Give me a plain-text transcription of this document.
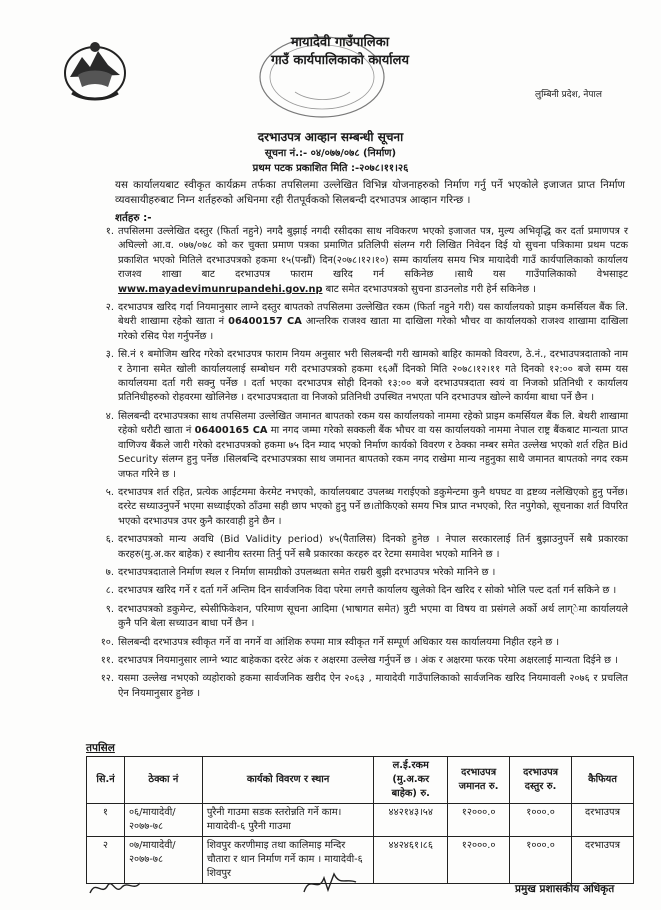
मायादेवी गाउँपालिका
गाउँ कार्यपालिकाको कार्यालय
लुम्बिनी प्रदेश, नेपाल
दरभाउपत्र आव्हान सम्बन्धी सूचना
सूचना नं.:- ०४/०७७/०७८ (निर्माण)
प्रथम पटक प्रकाशित मिति :-२०७८।११।२६
यस कार्यालयबाट स्वीकृत कार्यक्रम तर्फका तपसिलमा उल्लेखित विभिन्न योजनाहरुको निर्माण गर्नु पर्ने भएकोले इजाजत प्राप्त निर्माण व्यवसायीहरुबाट निम्न शर्तहरुको अधिनमा रही रीतपूर्वकको सिलबन्दी दरभाउपत्र आव्हान गरिन्छ ।
शर्तहरु :-
१. तपसिलमा उल्लेखित दस्तुर (फिर्ता नहुने) नगदै बुझाई नगदी रसीदका साथ नविकरण भएको इजाजत पत्र, मुल्य अभिवृद्धि कर दर्ता प्रमाणपत्र र अघिल्लो आ.व. ०७७/०७८ को कर चुक्ता प्रमाण पत्रका प्रमाणित प्रतिलिपी संलग्न गरी लिखित निवेदन दिई यो सुचना पत्रिकामा प्रथम पटक प्रकाशित भएको मितिले दरभाउपत्रको हकमा १५(पन्ध्रौं) दिन(२०७८।१२।१०) सम्म कार्यालय समय भित्र मायादेवी गाउँ कार्यपालिकाको कार्यालय राजश्व शाखा बाट दरभाउपत्र फाराम खरिद गर्न सकिनेछ ।साथै यस गाउँपालिकाको वेभसाइट www.mayadevimunrupandehi.gov.np बाट समेत दरभाउपत्रको सुचना डाउनलोड गरी हेर्न सकिनेछ ।
२. दरभाउपत्र खरिद गर्दा नियमानुसार लाग्ने दस्तुर बापतको तपसिलमा उल्लेखित रकम (फिर्ता नहुने गरी) यस कार्यालयको प्राइम कमर्सियल बैंक लि. बेथरी शाखामा रहेको खाता नं 06400157 CA आन्तरिक राजश्व खाता मा दाखिला गरेको भौचर वा कार्यालयको राजश्व शाखामा दाखिला गरेको रसिद पेश गर्नुपर्नेछ ।
३. सि.नं १ बमोजिम खरिद गरेको दरभाउपत्र फाराम नियम अनुसार भरी सिलबन्दी गरी खामको बाहिर कामको विवरण, ठे.नं., दरभाउपत्रदाताको नाम र ठेगाना समेत खोली कार्यालयलाई सम्बोधन गरी दरभाउपत्रको हकमा १६औं दिनको मिति २०७८।१२।११ गते दिनको १२:०० बजे सम्म यस कार्यालयमा दर्ता गरी सक्नु पर्नेछ । दर्ता भएका दरभाउपत्र सोही दिनको १३:०० बजे दरभाउपत्रदाता स्वयं वा निजको प्रतिनिधी र कार्यालय प्रतिनिधीहरुको रोहवरमा खोलिनेछ । दरभाउपत्रदाता वा निजको प्रतिनिधी उपस्थित नभएता पनि दरभाउपत्र खोल्ने कार्यमा बाधा पर्ने छैन ।
४. सिलबन्दी दरभाउपत्रका साथ तपसिलमा उल्लेखित जमानत बापतको रकम यस कार्यालयको नाममा रहेको प्राइम कमर्सियल बैंक लि. बेथरी शाखामा रहेको धरौटी खाता नं 06400165 CA मा नगद जम्मा गरेको सक्कली बैंक भौचर वा यस कार्यालयको नाममा नेपाल राष्ट्र बैंकबाट मान्यता प्राप्त वाणिज्य बैंकले जारी गरेको दरभाउपत्रको हकमा ७५ दिन म्याद भएको निर्माण कार्यको विवरण र ठेक्का नम्बर समेत उल्लेख भएको शर्त रहित Bid Security संलग्न हुनु पर्नेछ ।सिलबन्दि दरभाउपत्रका साथ जमानत बापतको रकम नगद राखेमा मान्य नहुनुका साथै जमानत बापतको नगद रकम जफत गरिने छ ।
५. दरभाउपत्र शर्त रहित, प्रत्येक आईटममा केरमेट नभएको, कार्यालयबाट उपलब्ध गराईएको डकुमेन्टमा कुनै थपघट वा द्रष्टव्य नलेखिएको हुनु पर्नेछ।दररेट सध्याउनुपर्ने भएमा सध्याईएको ठाँउमा सही छाप भएको हुनु पर्ने छ।तोकिएको समय भित्र प्राप्त नभएको, रित नपुगेको, सूचनाका शर्त विपरित भएको दरभाउपत्र उपर कुनै कारवाही हुने छैन ।
६. दरभाउपत्रको मान्य अवधि (Bid Validity period) ४५(पैतालिस) दिनको हुनेछ । नेपाल सरकारलाई तिर्न बुझाउनुपर्ने सबै प्रकारका करहरु(मु.अ.कर बाहेक) र स्थानीय स्तरमा तिर्नु पर्ने सबै प्रकारका करहरु दर रेटमा समावेश भएको मानिने छ ।
७. दरभाउपत्रदाताले निर्माण स्थल र निर्माण सामग्रीको उपलब्धता समेत राम्ररी बुझी दरभाउपत्र भरेको मानिने छ ।
८. दरभाउपत्र खरिद गर्ने र दर्ता गर्ने अन्तिम दिन सार्वजनिक विदा परेमा लगत्तै कार्यालय खुलेको दिन खरिद र सोको भोलि पल्ट दर्ता गर्न सकिने छ ।
९. दरभाउपत्रको डकुमेन्ट, स्पेसीफिकेशन, परिमाण सूचना आदिमा (भाषागत समेत) त्रुटी भएमा वा विषय वा प्रसंगले अर्को अर्थ लाग्ेमा कार्यालयले कुनै पनि बेला सच्याउन बाधा पर्ने छैन ।
१०. सिलबन्दी दरभाउपत्र स्वीकृत गर्ने वा नगर्ने वा आंशिक रुपमा मात्र स्वीकृत गर्ने सम्पूर्ण अधिकार यस कार्यालयमा निहीत रहने छ ।
११. दरभाउपत्र नियमानुसार लाग्ने भ्याट बाहेकका दररेट अंक र अक्षरमा उल्लेख गर्नुपर्ने छ । अंक र अक्षरमा फरक परेमा अक्षरलाई मान्यता दिईने छ ।
१२. यसमा उल्लेख नभएको व्यहोराको हकमा सार्वजनिक खरीद ऐन २०६३ , मायादेवी गाउँपालिकाको सार्वजनिक खरिद नियमावली २०७६ र प्रचलित ऐन नियमानुसार हुनेछ ।
तपसिल
सि.नं	ठेक्का नं	कार्यको विवरण र स्थान	ल.ई.रकम (मु.अ.कर बाहेक) रु.	दरभाउपत्र जमानत रु.	दरभाउपत्र दस्तुर रु.	कैफियत
१	०६/मायादेवी/२०७७-७८	पुरैनी गाउमा सडक स्तरोन्नति गर्ने काम।मायादेवी-६ पुरैनी गाउमा	४४२१४३।५४	१२०००.०	१०००.०	दरभाउपत्र
२	०७/मायादेवी/२०७७-७८	शिवपुर करणीमाइ तथा कालिमाइ मन्दिर चौतारा र थान निर्माण गर्ने काम । मायादेवी-६ शिवपुर	४४२४६१।८६	१२०००.०	१०००.०	दरभाउपत्र
प्रमुख प्रशासकीय अधिकृत
